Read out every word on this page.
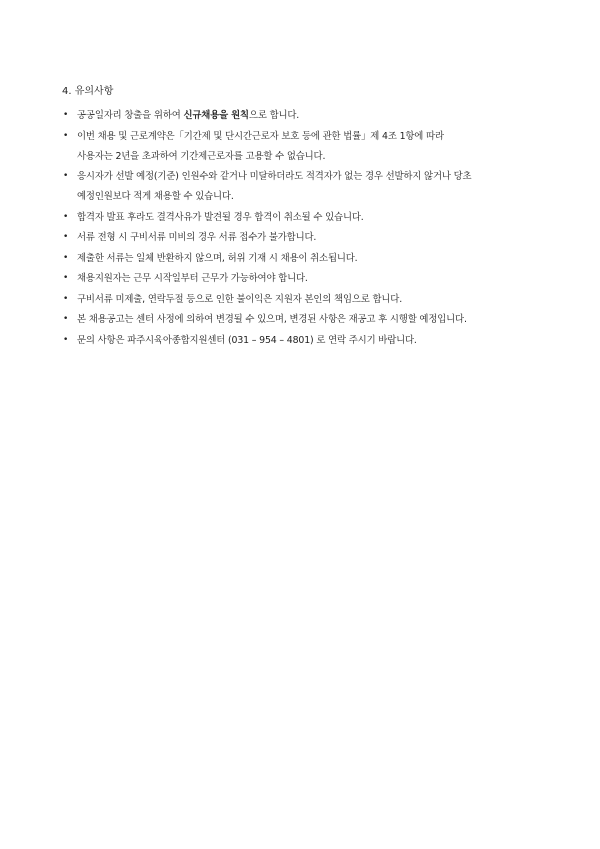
4. 유의사항
• 공공일자리 창출을 위하여 신규채용을 원칙으로 합니다.
• 이번 채용 및 근로계약은「기간제 및 단시간근로자 보호 등에 관한 법률」제 4조 1항에 따라
사용자는 2년을 초과하여 기간제근로자를 고용할 수 없습니다.
• 응시자가 선발 예정(기준) 인원수와 같거나 미달하더라도 적격자가 없는 경우 선발하지 않거나 당초
예정인원보다 적게 채용할 수 있습니다.
• 합격자 발표 후라도 결격사유가 발견될 경우 합격이 취소될 수 있습니다.
• 서류 전형 시 구비서류 미비의 경우 서류 접수가 불가합니다.
• 제출한 서류는 일체 반환하지 않으며, 허위 기재 시 채용이 취소됩니다.
• 채용지원자는 근무 시작일부터 근무가 가능하여야 합니다.
• 구비서류 미제출, 연락두절 등으로 인한 불이익은 지원자 본인의 책임으로 합니다.
• 본 채용공고는 센터 사정에 의하여 변경될 수 있으며, 변경된 사항은 재공고 후 시행할 예정입니다.
• 문의 사항은 파주시육아종합지원센터 (031 – 954 – 4801) 로 연락 주시기 바랍니다.
